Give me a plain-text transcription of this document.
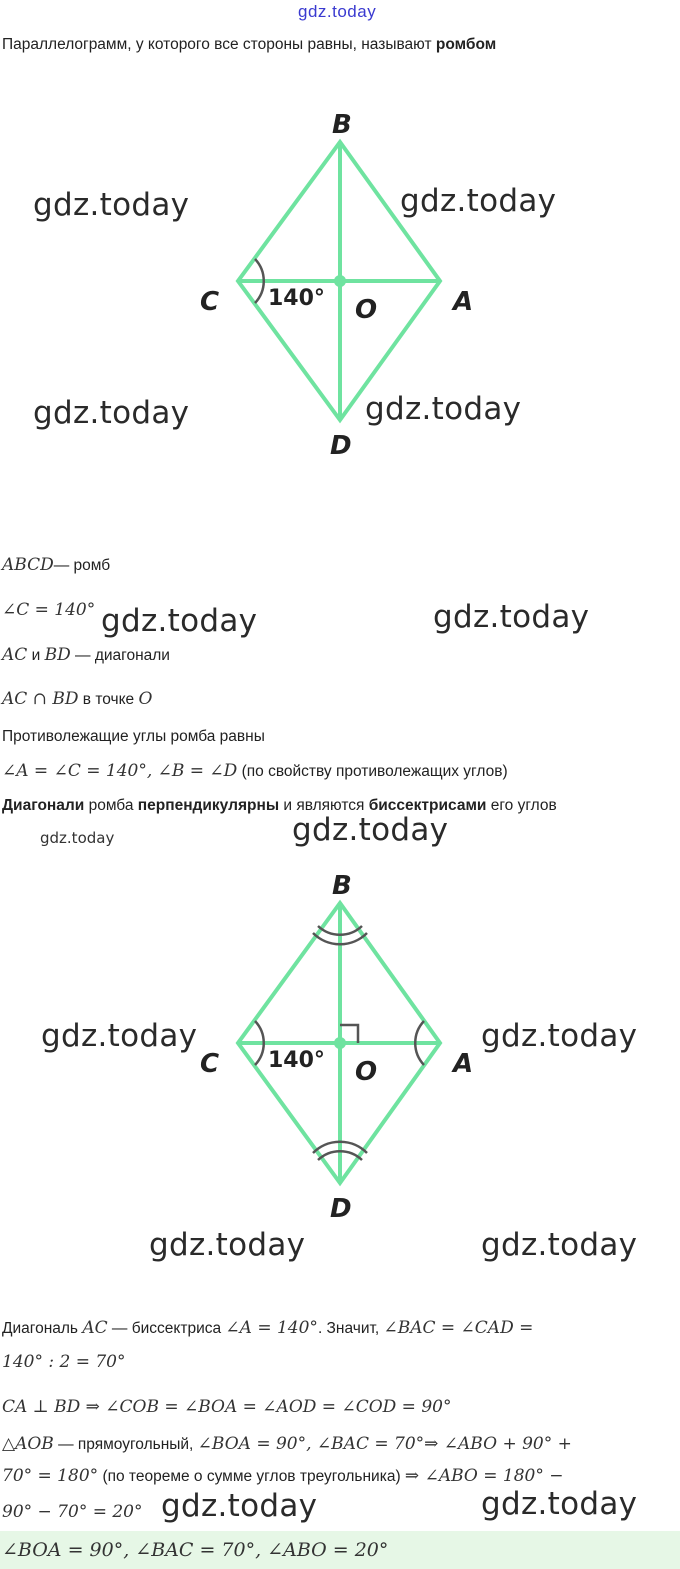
gdz.today
Параллелограмм, у которого все стороны равны, называют ромбом
140°
B
C	O	A
D
gdz.today	gdz.today
gdz.today	gdz.today
ABCD— ромб
∠C = 140° gdz.today	gdz.today
AC и BD — диагонали
AC ∩ BD в точке O
Противолежащие углы ромба равны
∠A = ∠C = 140°, ∠B = ∠D (по свойству противолежащих углов)
Диагонали ромба перпендикулярны и являются биссектрисами его углов
gdz.today	gdz.today
140°
B
C	O	A
D
gdz.today	gdz.today
gdz.today	gdz.today
Диагональ AC — биссектриса ∠A = 140°. Значит, ∠BAC = ∠CAD =
140° : 2 = 70°
CA ⊥ BD ⇒ ∠COB = ∠BOA = ∠AOD = ∠COD = 90°
△AOB — прямоугольный, ∠BOA = 90°, ∠BAC = 70°⇒ ∠ABO + 90° +
70° = 180° (по теореме о сумме углов треугольника) ⇒ ∠ABO = 180° −
90° − 70° = 20° gdz.today	gdz.today
∠BOA = 90°, ∠BAC = 70°, ∠ABO = 20°
